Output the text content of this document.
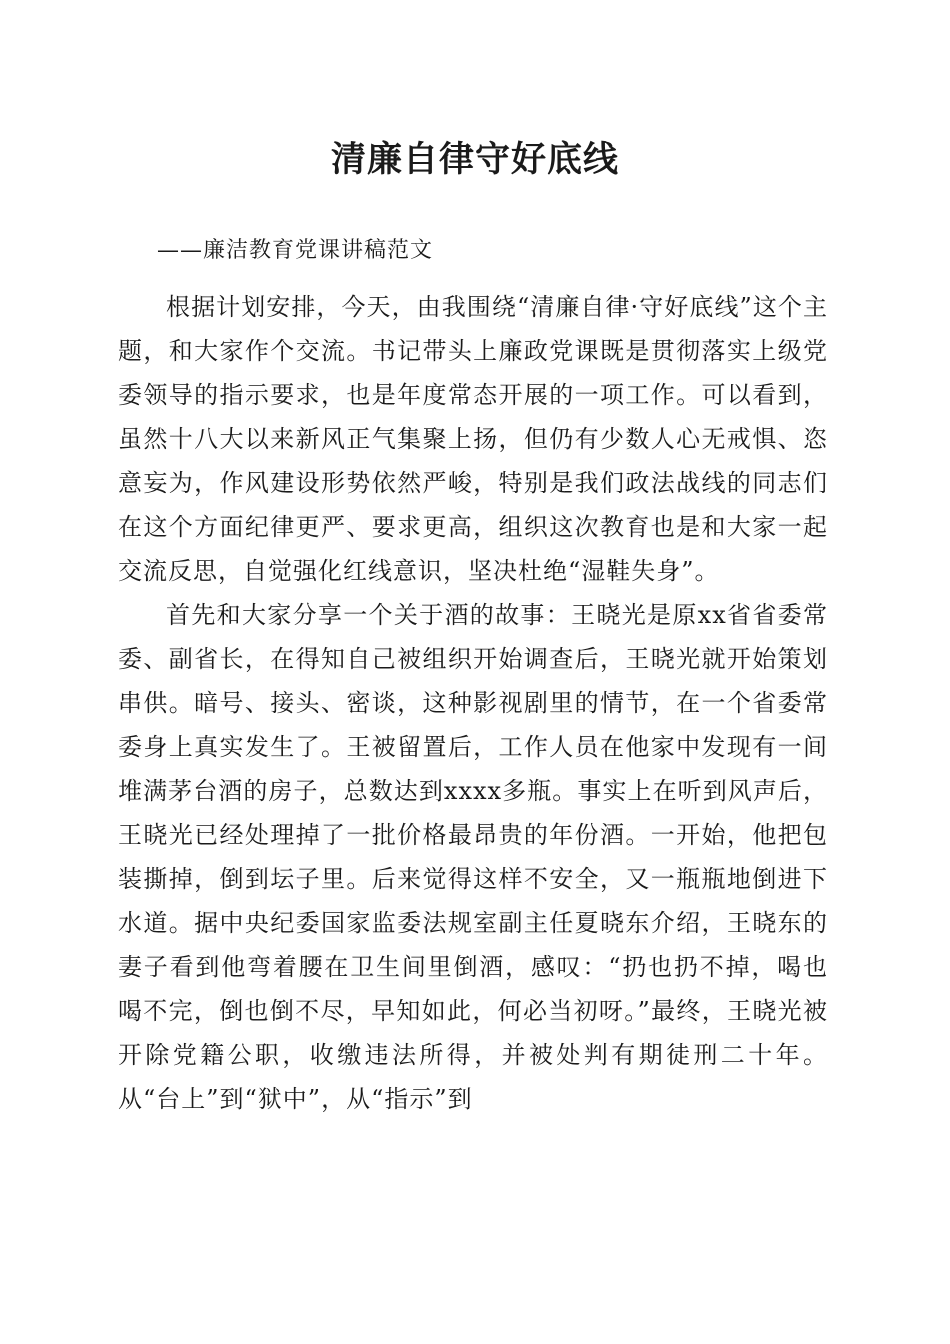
清廉自律守好底线

——廉洁教育党课讲稿范文

根据计划安排，今天，由我围绕“清廉自律·守好底线”这个主题，和大家作个交流。书记带头上廉政党课既是贯彻落实上级党委领导的指示要求，也是年度常态开展的一项工作。可以看到，虽然十八大以来新风正气集聚上扬，但仍有少数人心无戒惧、恣意妄为，作风建设形势依然严峻，特别是我们政法战线的同志们在这个方面纪律更严、要求更高，组织这次教育也是和大家一起交流反思，自觉强化红线意识，坚决杜绝“湿鞋失身”。

首先和大家分享一个关于酒的故事：王晓光是原xx省省委常委、副省长，在得知自己被组织开始调查后，王晓光就开始策划串供。暗号、接头、密谈，这种影视剧里的情节，在一个省委常委身上真实发生了。王被留置后，工作人员在他家中发现有一间堆满茅台酒的房子，总数达到xxxx多瓶。事实上在听到风声后，王晓光已经处理掉了一批价格最昂贵的年份酒。一开始，他把包装撕掉，倒到坛子里。后来觉得这样不安全，又一瓶瓶地倒进下水道。据中央纪委国家监委法规室副主任夏晓东介绍，王晓东的妻子看到他弯着腰在卫生间里倒酒，感叹：“扔也扔不掉，喝也喝不完，倒也倒不尽，早知如此，何必当初呀。”最终，王晓光被开除党籍公职，收缴违法所得，并被处判有期徒刑二十年。从“台上”到“狱中”，从“指示”到
